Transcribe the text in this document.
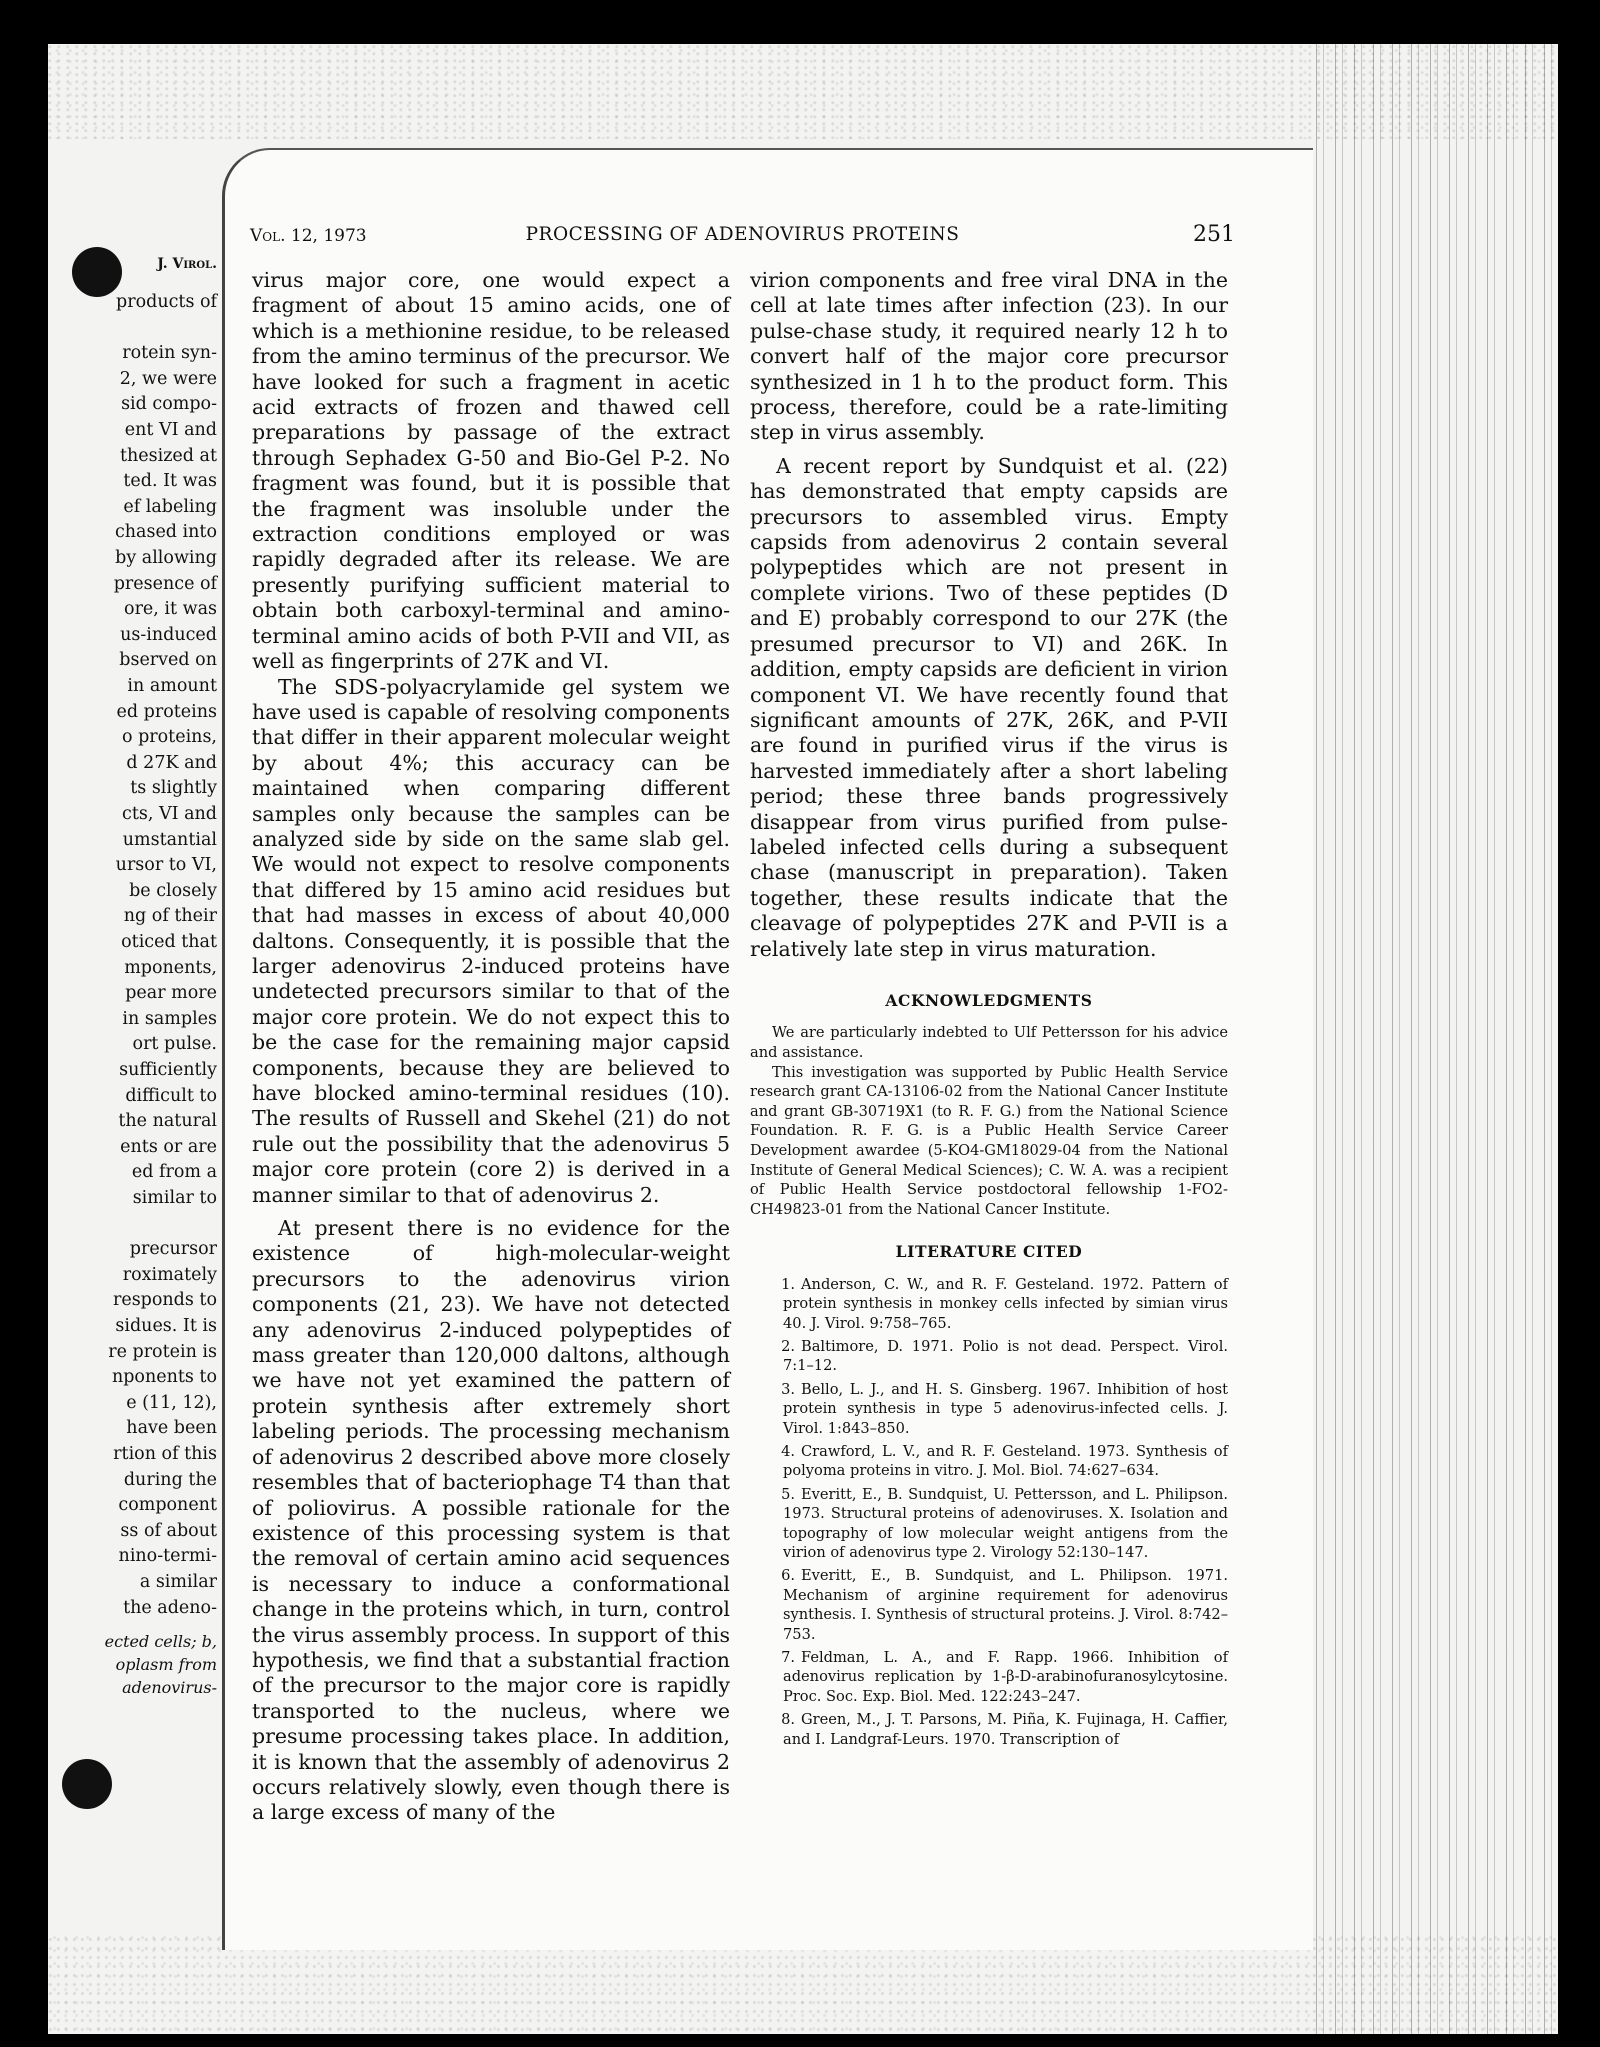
J. Virol.
products of
rotein syn-
2, we were
sid compo-
ent VI and
thesized at
ted. It was
ef labeling
chased into
by allowing
presence of
ore, it was
us-induced
bserved on
in amount
ed proteins
o proteins,
d 27K and
ts slightly
cts, VI and
umstantial
ursor to VI,
be closely
ng of their
oticed that
mponents,
pear more
in samples
ort pulse.
sufficiently
difficult to
the natural
ents or are
ed from a
similar to
precursor
roximately
responds to
sidues. It is
re protein is
nponents to
e (11, 12),
have been
rtion of this
during the
component
ss of about
nino-termi-
a similar
the adeno-
ected cells; b,
oplasm from
adenovirus-
Vol. 12, 1973	PROCESSING OF ADENOVIRUS PROTEINS	251

virus major core, one would expect a fragment of about 15 amino acids, one of which is a methionine residue, to be released from the amino terminus of the precursor. We have looked for such a fragment in acetic acid extracts of frozen and thawed cell preparations by passage of the extract through Sephadex G-50 and Bio-Gel P-2. No fragment was found, but it is possible that the fragment was insoluble under the extraction conditions employed or was rapidly degraded after its release. We are presently purifying sufficient material to obtain both carboxyl-terminal and amino-terminal amino acids of both P-VII and VII, as well as fingerprints of 27K and VI.

The SDS-polyacrylamide gel system we have used is capable of resolving components that differ in their apparent molecular weight by about 4%; this accuracy can be maintained when comparing different samples only because the samples can be analyzed side by side on the same slab gel. We would not expect to resolve components that differed by 15 amino acid residues but that had masses in excess of about 40,000 daltons. Consequently, it is possible that the larger adenovirus 2-induced proteins have undetected precursors similar to that of the major core protein. We do not expect this to be the case for the remaining major capsid components, because they are believed to have blocked amino-terminal residues (10). The results of Russell and Skehel (21) do not rule out the possibility that the adenovirus 5 major core protein (core 2) is derived in a manner similar to that of adenovirus 2.

At present there is no evidence for the existence of high-molecular-weight precursors to the adenovirus virion components (21, 23). We have not detected any adenovirus 2-induced polypeptides of mass greater than 120,000 daltons, although we have not yet examined the pattern of protein synthesis after extremely short labeling periods. The processing mechanism of adenovirus 2 described above more closely resembles that of bacteriophage T4 than that of poliovirus. A possible rationale for the existence of this processing system is that the removal of certain amino acid sequences is necessary to induce a conformational change in the proteins which, in turn, control the virus assembly process. In support of this hypothesis, we find that a substantial fraction of the precursor to the major core is rapidly transported to the nucleus, where we presume processing takes place. In addition, it is known that the assembly of adenovirus 2 occurs relatively slowly, even though there is a large excess of many of the

virion components and free viral DNA in the cell at late times after infection (23). In our pulse-chase study, it required nearly 12 h to convert half of the major core precursor synthesized in 1 h to the product form. This process, therefore, could be a rate-limiting step in virus assembly.

A recent report by Sundquist et al. (22) has demonstrated that empty capsids are precursors to assembled virus. Empty capsids from adenovirus 2 contain several polypeptides which are not present in complete virions. Two of these peptides (D and E) probably correspond to our 27K (the presumed precursor to VI) and 26K. In addition, empty capsids are deficient in virion component VI. We have recently found that significant amounts of 27K, 26K, and P-VII are found in purified virus if the virus is harvested immediately after a short labeling period; these three bands progressively disappear from virus purified from pulse-labeled infected cells during a subsequent chase (manuscript in preparation). Taken together, these results indicate that the cleavage of polypeptides 27K and P-VII is a relatively late step in virus maturation.

ACKNOWLEDGMENTS

We are particularly indebted to Ulf Pettersson for his advice and assistance.

This investigation was supported by Public Health Service research grant CA-13106-02 from the National Cancer Institute and grant GB-30719X1 (to R. F. G.) from the National Science Foundation. R. F. G. is a Public Health Service Career Development awardee (5-KO4-GM18029-04 from the National Institute of General Medical Sciences); C. W. A. was a recipient of Public Health Service postdoctoral fellowship 1-FO2-CH49823-01 from the National Cancer Institute.

LITERATURE CITED
1. Anderson, C. W., and R. F. Gesteland. 1972. Pattern of protein synthesis in monkey cells infected by simian virus 40. J. Virol. 9:758–765.
2. Baltimore, D. 1971. Polio is not dead. Perspect. Virol. 7:1–12.
3. Bello, L. J., and H. S. Ginsberg. 1967. Inhibition of host protein synthesis in type 5 adenovirus-infected cells. J. Virol. 1:843–850.
4. Crawford, L. V., and R. F. Gesteland. 1973. Synthesis of polyoma proteins in vitro. J. Mol. Biol. 74:627–634.
5. Everitt, E., B. Sundquist, U. Pettersson, and L. Philipson. 1973. Structural proteins of adenoviruses. X. Isolation and topography of low molecular weight antigens from the virion of adenovirus type 2. Virology 52:130–147.
6. Everitt, E., B. Sundquist, and L. Philipson. 1971. Mechanism of arginine requirement for adenovirus synthesis. I. Synthesis of structural proteins. J. Virol. 8:742–753.
7. Feldman, L. A., and F. Rapp. 1966. Inhibition of adenovirus replication by 1-β-D-arabinofuranosylcytosine. Proc. Soc. Exp. Biol. Med. 122:243–247.
8. Green, M., J. T. Parsons, M. Piña, K. Fujinaga, H. Caffier, and I. Landgraf-Leurs. 1970. Transcription of
